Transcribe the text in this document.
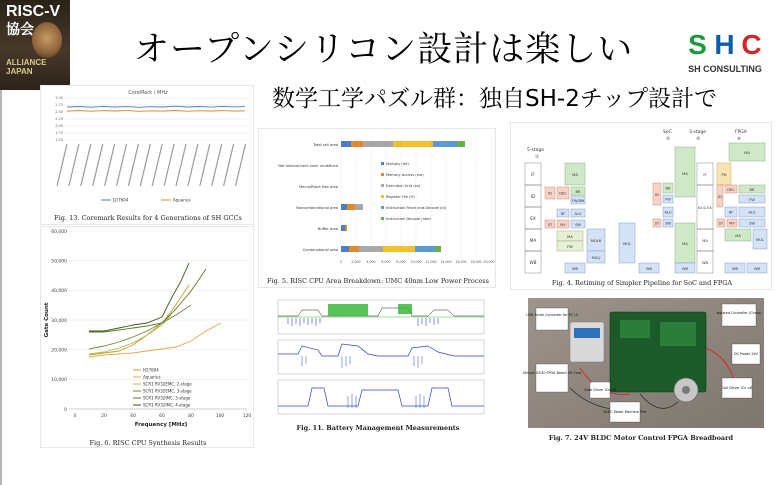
RISC-V
協会
ALLIANCE
JAPAN
オープンシリコン設計は楽しい
数学工学パズル群：独自SH-2チップ設計で
S H C
SH CONSULTING
CoreMark / MHz
3.00
2.75
2.50
2.25
2.00
1.75
1.50
J2/7604	Aquarius
Fig. 13. Coremark Results for 4 Generations of SH GCCs
60,000
50,000
40,000
30,000
20,000
10,000
0
0	20	40	60	80	100	120
Frequency [MHz]
Gate Count
H27604
Aquarius
SCR1 RV32EMC, 2-stage
SCR1 RV32EMC, 3-stage
SCR1 RV32IMC, 3-stage
SCR1 RV32IMC, 4-stage
Fig. 6. RISC CPU Synthesis Results
Total cell area
Net Interconnect area: undefined
Macro/Black Box area
Noncombinational area
Buffer area
Combinational area
Multiply (mf)
Memory Access (ma)
Execution Unit (ex)
Register File (rf)
Instruction Fetch and Decode (id)
Instruction Decode (idec)
0	2,000 4,000 6,000 8,000 10,000 12,000 14,000 16,000 18,000 20,000
Fig. 5. RISC CPU Area Breakdown: UMC 40nm Low Power Process
Fig. 11. Battery Management Measurements
5-stage
①
SoC
②
3-stage
③
FPGA
④
IF
ID
EX
MA
WB
MA
ID DEC BR
FW/BW
RF	ALU
ST MV	SW
MA
FW
MULB
MULJ
WB
MUL
WB
MA
ID
BR
FW
ALU
ST SW
MA
WB
IF
ID & EX
MA
WB
MA
PD
ID
DEC	BR
FW
RF	ALU
ST MV	SW
MA
MUL
WB	WB
Fig. 4. Retiming of Simpler Pipeline for SoC and FPGA
USB Serial Converter for PC UI
Olimex iCE40 FPGA Board SH Core
Gate Driver ICs ×6
Isolated Controller (Cirrus)
DC Power 24V
Coil Driver ICs ×6
BLDC Motor Machine Part
Fig. 7. 24V BLDC Motor Control FPGA Breadboard
